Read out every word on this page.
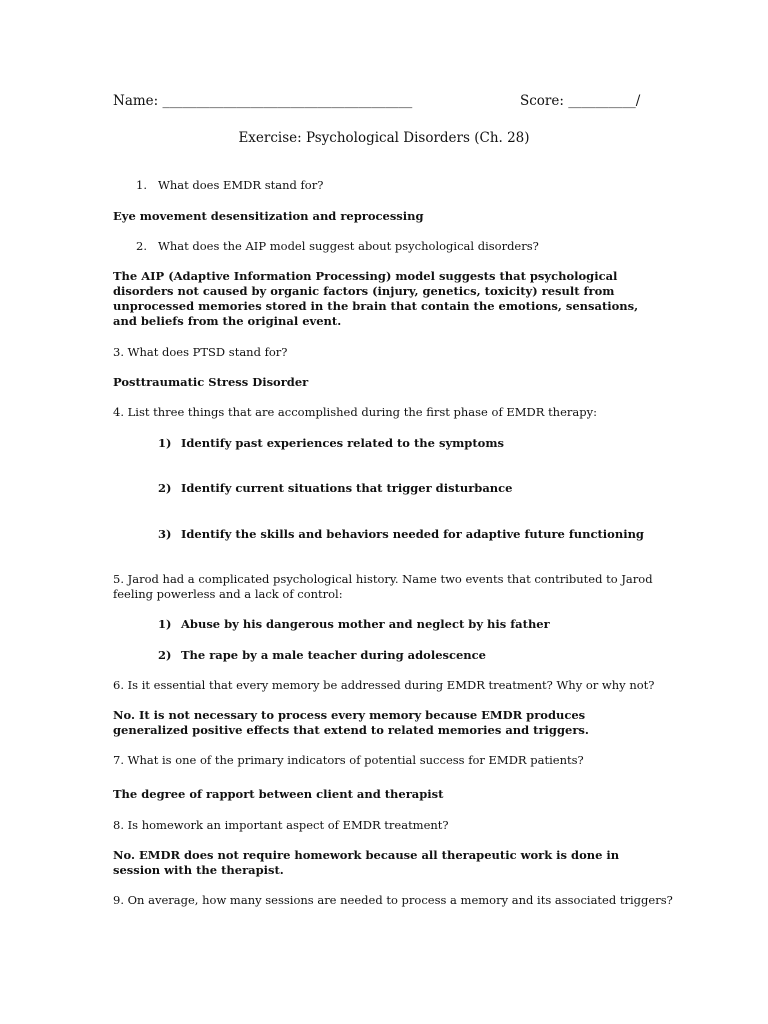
Name: _____________________________________	Score: __________/
Exercise: Psychological Disorders (Ch. 28)
1. What does EMDR stand for?
Eye movement desensitization and reprocessing
2. What does the AIP model suggest about psychological disorders?
The AIP (Adaptive Information Processing) model suggests that psychological disorders not caused by organic factors (injury, genetics, toxicity) result from unprocessed memories stored in the brain that contain the emotions, sensations, and beliefs from the original event.
3. What does PTSD stand for?
Posttraumatic Stress Disorder
4. List three things that are accomplished during the first phase of EMDR therapy:
1) Identify past experiences related to the symptoms
2) Identify current situations that trigger disturbance
3) Identify the skills and behaviors needed for adaptive future functioning
5. Jarod had a complicated psychological history. Name two events that contributed to Jarod feeling powerless and a lack of control:
1) Abuse by his dangerous mother and neglect by his father
2) The rape by a male teacher during adolescence
6. Is it essential that every memory be addressed during EMDR treatment? Why or why not?
No. It is not necessary to process every memory because EMDR produces generalized positive effects that extend to related memories and triggers.
7. What is one of the primary indicators of potential success for EMDR patients?
The degree of rapport between client and therapist
8. Is homework an important aspect of EMDR treatment?
No. EMDR does not require homework because all therapeutic work is done in session with the therapist.
9. On average, how many sessions are needed to process a memory and its associated triggers?
